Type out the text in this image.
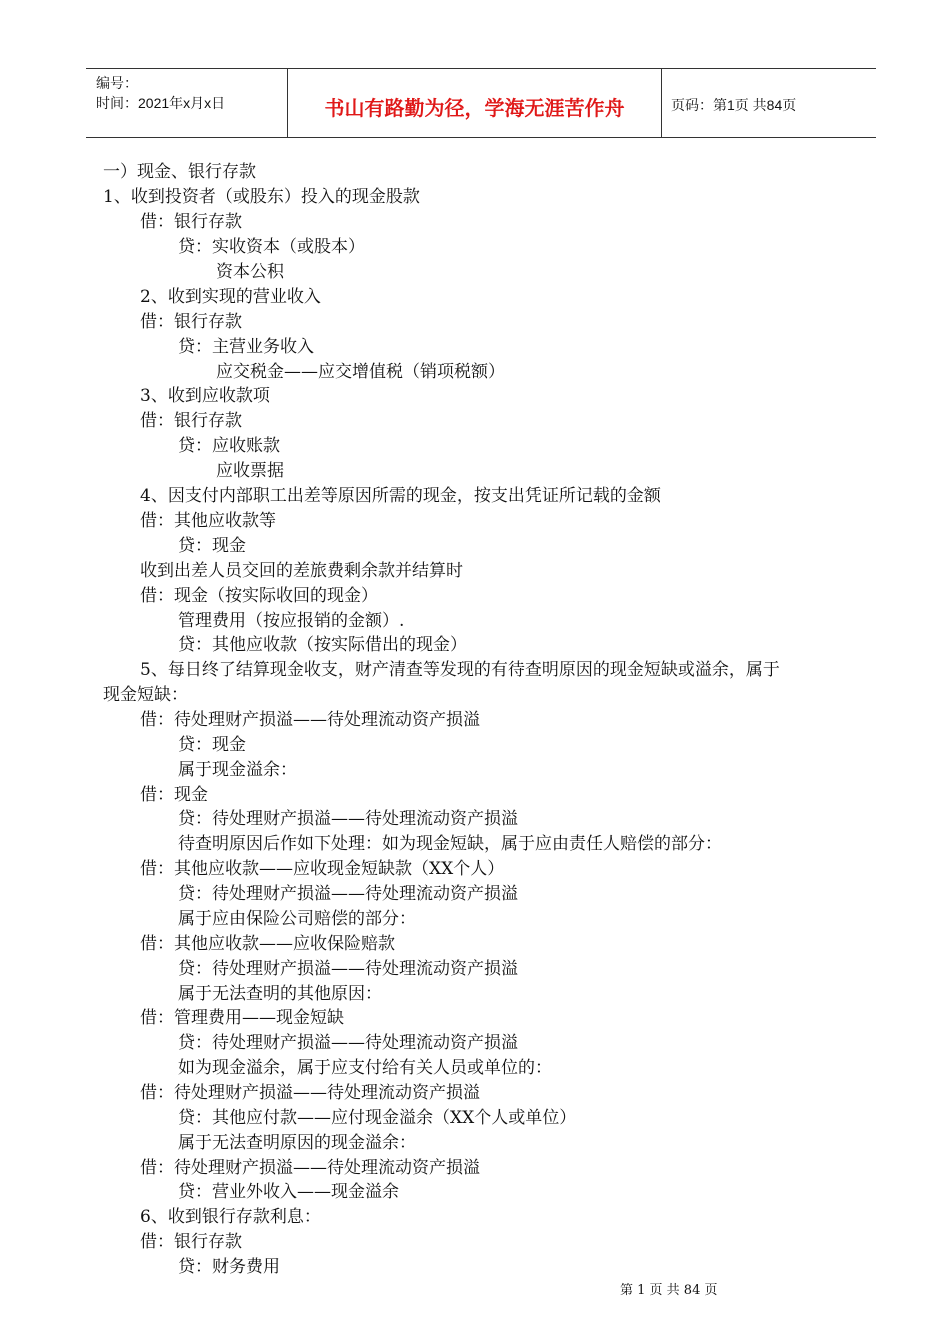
编号：
时间：2021年x月x日	书山有路勤为径，学海无涯苦作舟	页码：第1页 共84页
一）现金、银行存款
1、收到投资者（或股东）投入的现金股款
借：银行存款
贷：实收资本（或股本）
资本公积
2、收到实现的营业收入
借：银行存款
贷：主营业务收入
应交税金——应交增值税（销项税额）
3、收到应收款项
借：银行存款
贷：应收账款
应收票据
4、因支付内部职工出差等原因所需的现金，按支出凭证所记载的金额
借：其他应收款等
贷：现金
收到出差人员交回的差旅费剩余款并结算时
借：现金（按实际收回的现金）
管理费用（按应报销的金额）.
贷：其他应收款（按实际借出的现金）
5、每日终了结算现金收支，财产清查等发现的有待查明原因的现金短缺或溢余，属于
现金短缺：
借：待处理财产损溢——待处理流动资产损溢
贷：现金
属于现金溢余：
借：现金
贷：待处理财产损溢——待处理流动资产损溢
待查明原因后作如下处理：如为现金短缺，属于应由责任人赔偿的部分：
借：其他应收款——应收现金短缺款（XX个人）
贷：待处理财产损溢——待处理流动资产损溢
属于应由保险公司赔偿的部分：
借：其他应收款——应收保险赔款
贷：待处理财产损溢——待处理流动资产损溢
属于无法查明的其他原因：
借：管理费用——现金短缺
贷：待处理财产损溢——待处理流动资产损溢
如为现金溢余，属于应支付给有关人员或单位的：
借：待处理财产损溢——待处理流动资产损溢
贷：其他应付款——应付现金溢余（XX个人或单位）
属于无法查明原因的现金溢余：
借：待处理财产损溢——待处理流动资产损溢
贷：营业外收入——现金溢余
6、收到银行存款利息：
借：银行存款
贷：财务费用
第 1 页 共 84 页
